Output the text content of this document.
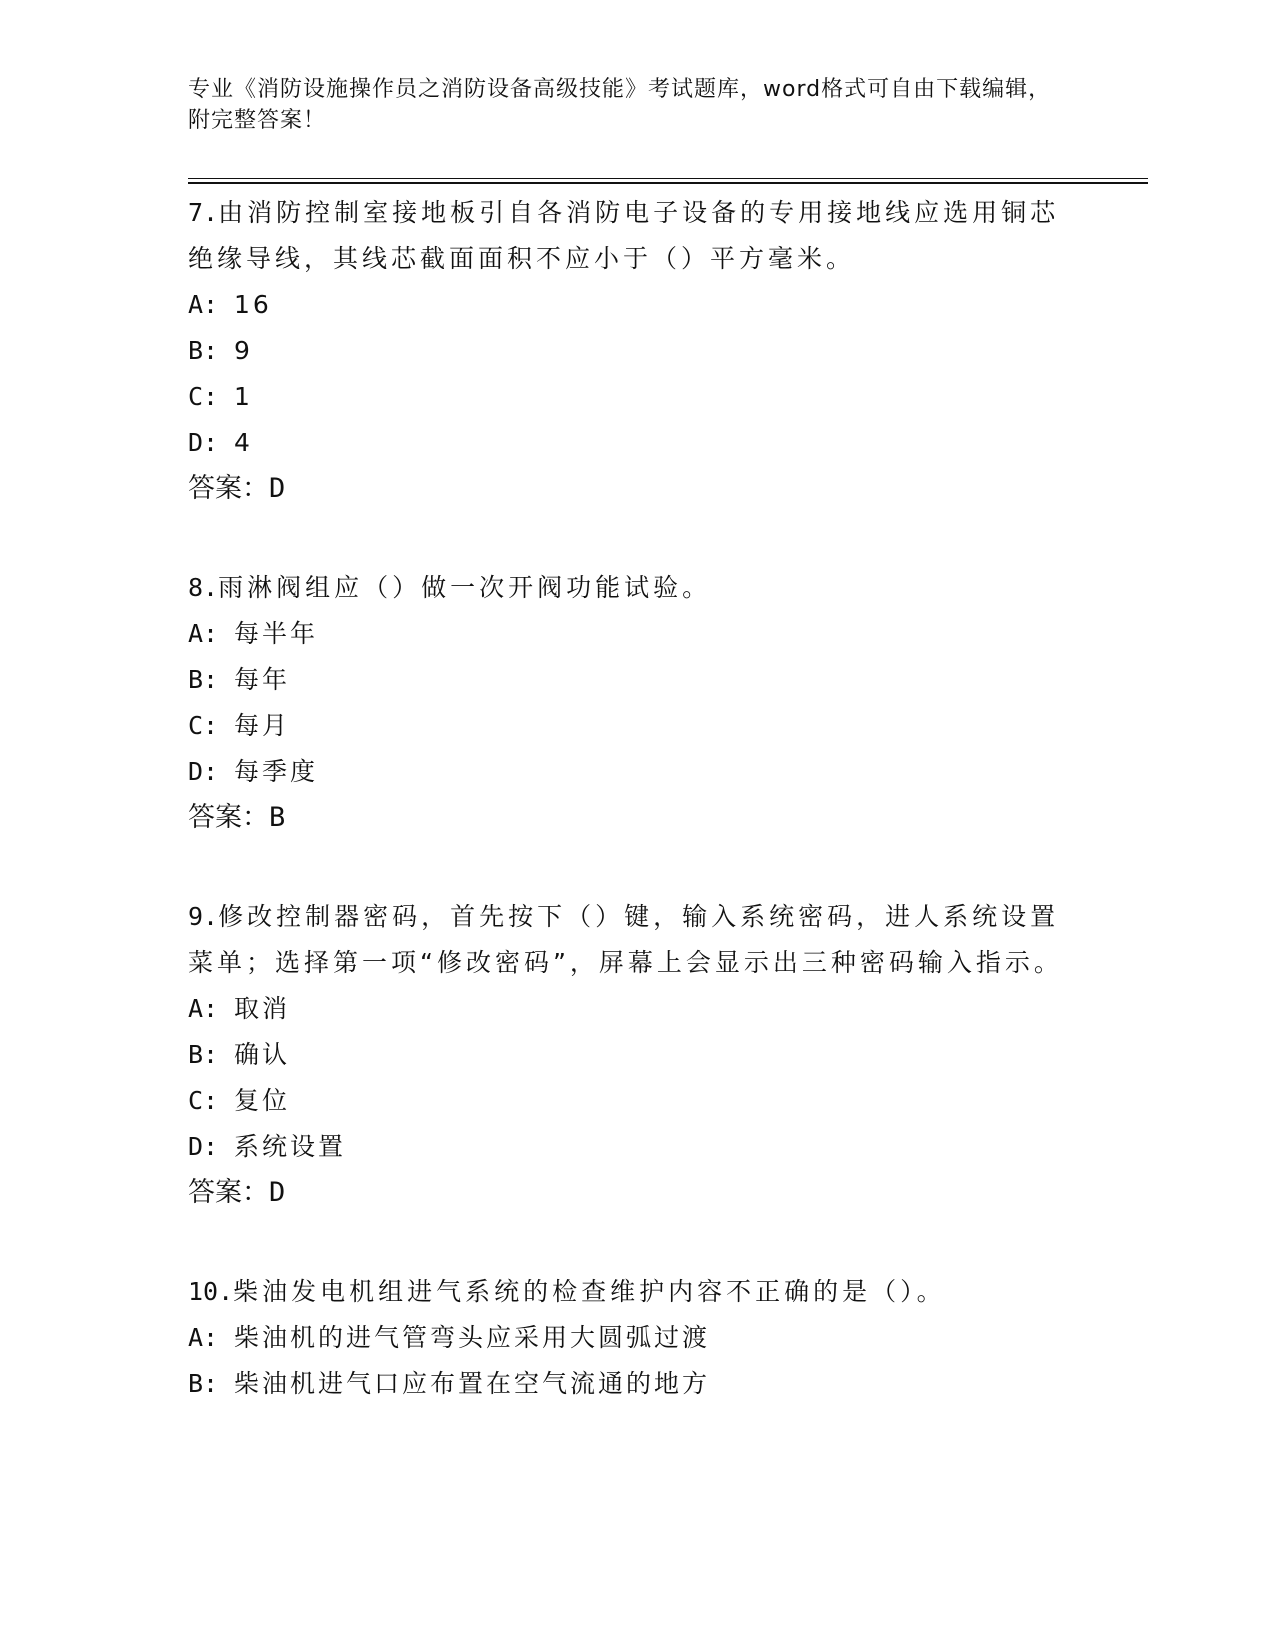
专业《消防设施操作员之消防设备高级技能》考试题库，word格式可自由下载编辑，附完整答案！
7.由消防控制室接地板引自各消防电子设备的专用接地线应选用铜芯绝缘导线，其线芯截面面积不应小于（）平方毫米。
A: 16
B: 9
C: 1
D: 4
答案：D
8.雨淋阀组应（）做一次开阀功能试验。
A: 每半年
B: 每年
C: 每月
D: 每季度
答案：B
9.修改控制器密码，首先按下（）键，输入系统密码，进人系统设置菜单；选择第一项“修改密码”，屏幕上会显示出三种密码输入指示。
A: 取消
B: 确认
C: 复位
D: 系统设置
答案：D
10.柴油发电机组进气系统的检查维护内容不正确的是（）。
A: 柴油机的进气管弯头应采用大圆弧过渡
B: 柴油机进气口应布置在空气流通的地方
